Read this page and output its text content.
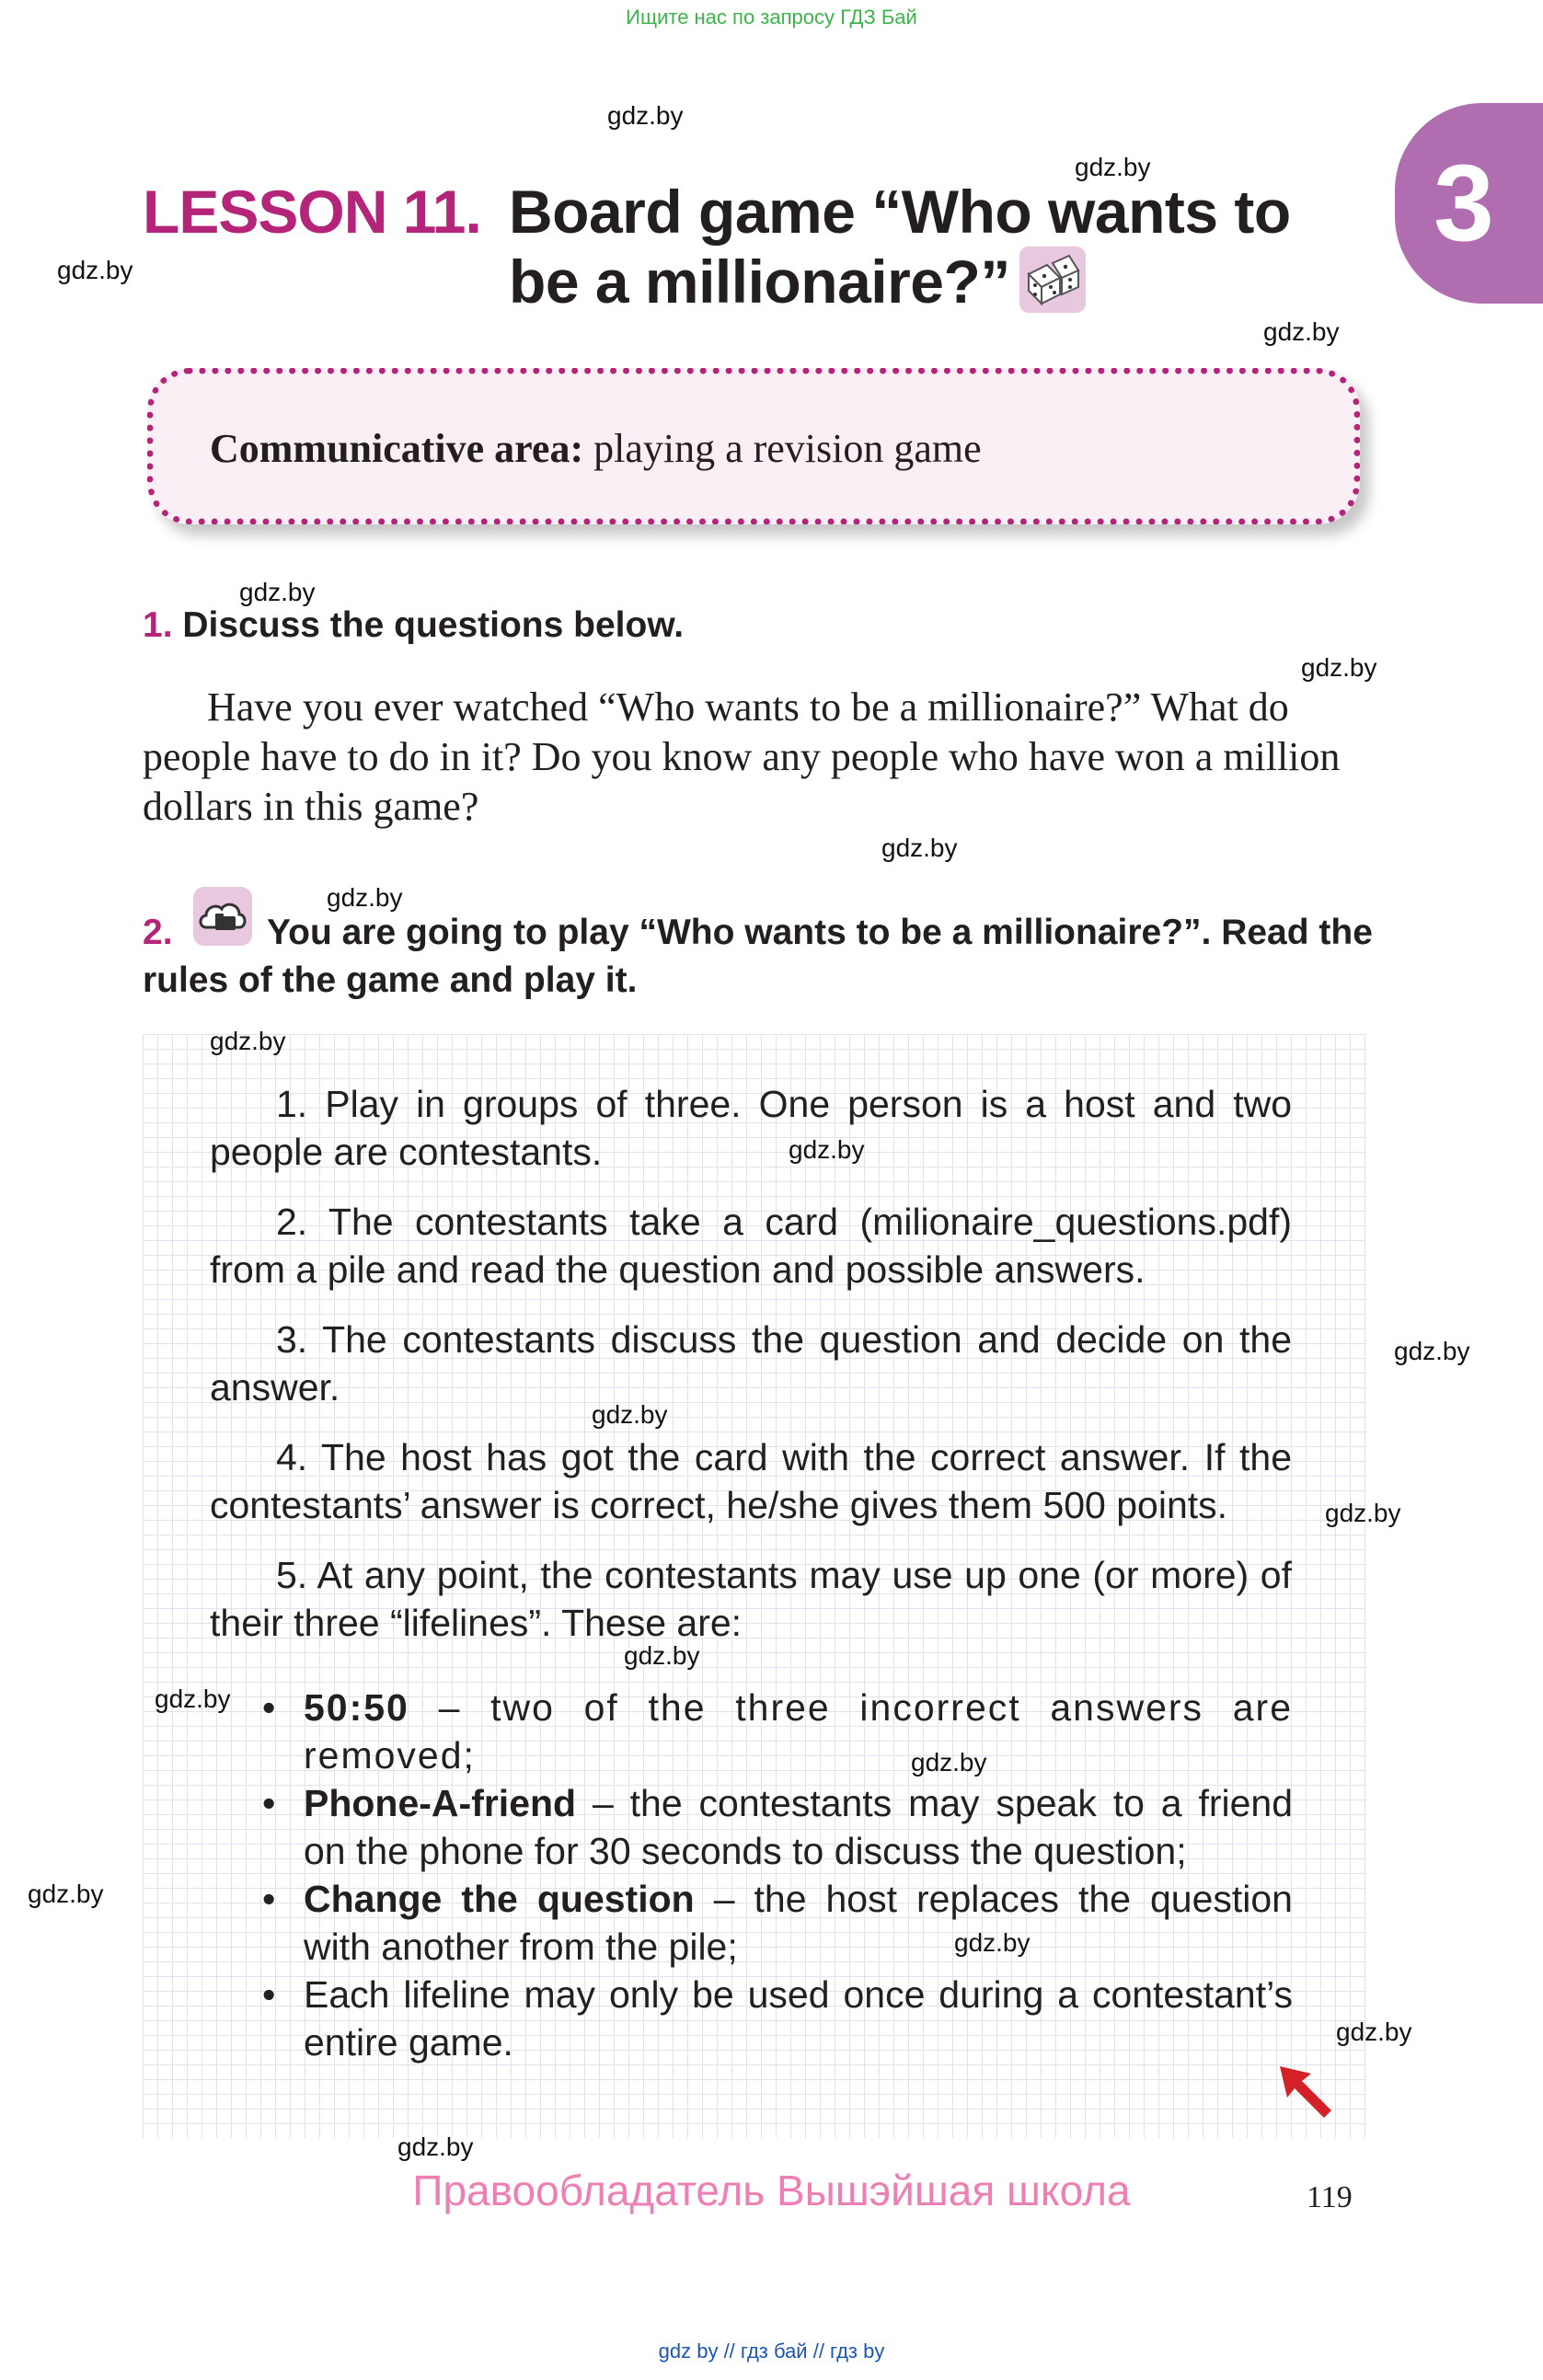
Ищите нас по запросу ГДЗ Бай
3
LESSON 11. Board game “Who wants to
be a millionaire?”
Communicative area: playing a revision game
1. Discuss the questions below.
Have you ever watched “Who wants to be a millionaire?” What do people have to do in it? Do you know any people who have won a million dollars in this game?
2.	You are going to play “Who wants to be a millionaire?”. Read the rules of the game and play it.
1. Play in groups of three. One person is a host and two people are contestants.
2. The contestants take a card (milionaire_questions.pdf) from a pile and read the question and possible answers.
3. The contestants discuss the question and decide on the answer.
4. The host has got the card with the correct answer. If the contestants’ answer is correct, he/she gives them 500 points.
5. At any point, the contestants may use up one (or more) of their three “lifelines”. These are:
• 50:50 – two of the three incorrect answers are removed;
• Phone-A-friend – the contestants may speak to a friend on the phone for 30 seconds to discuss the question;
• Change the question – the host replaces the question with another from the pile;
• Each lifeline may only be used once during a contestant’s entire game.
Правообладатель Вышэйшая школа	119
gdz.by
gdz.by
gdz.by
gdz.by
gdz.by
gdz.by
gdz.by
gdz.by
gdz.by
gdz.by
gdz.by
gdz.by
gdz.by
gdz.by
gdz.by
gdz.by
gdz.by
gdz.by
gdz.by
gdz.by
gdz by // гдз бай // гдз by
